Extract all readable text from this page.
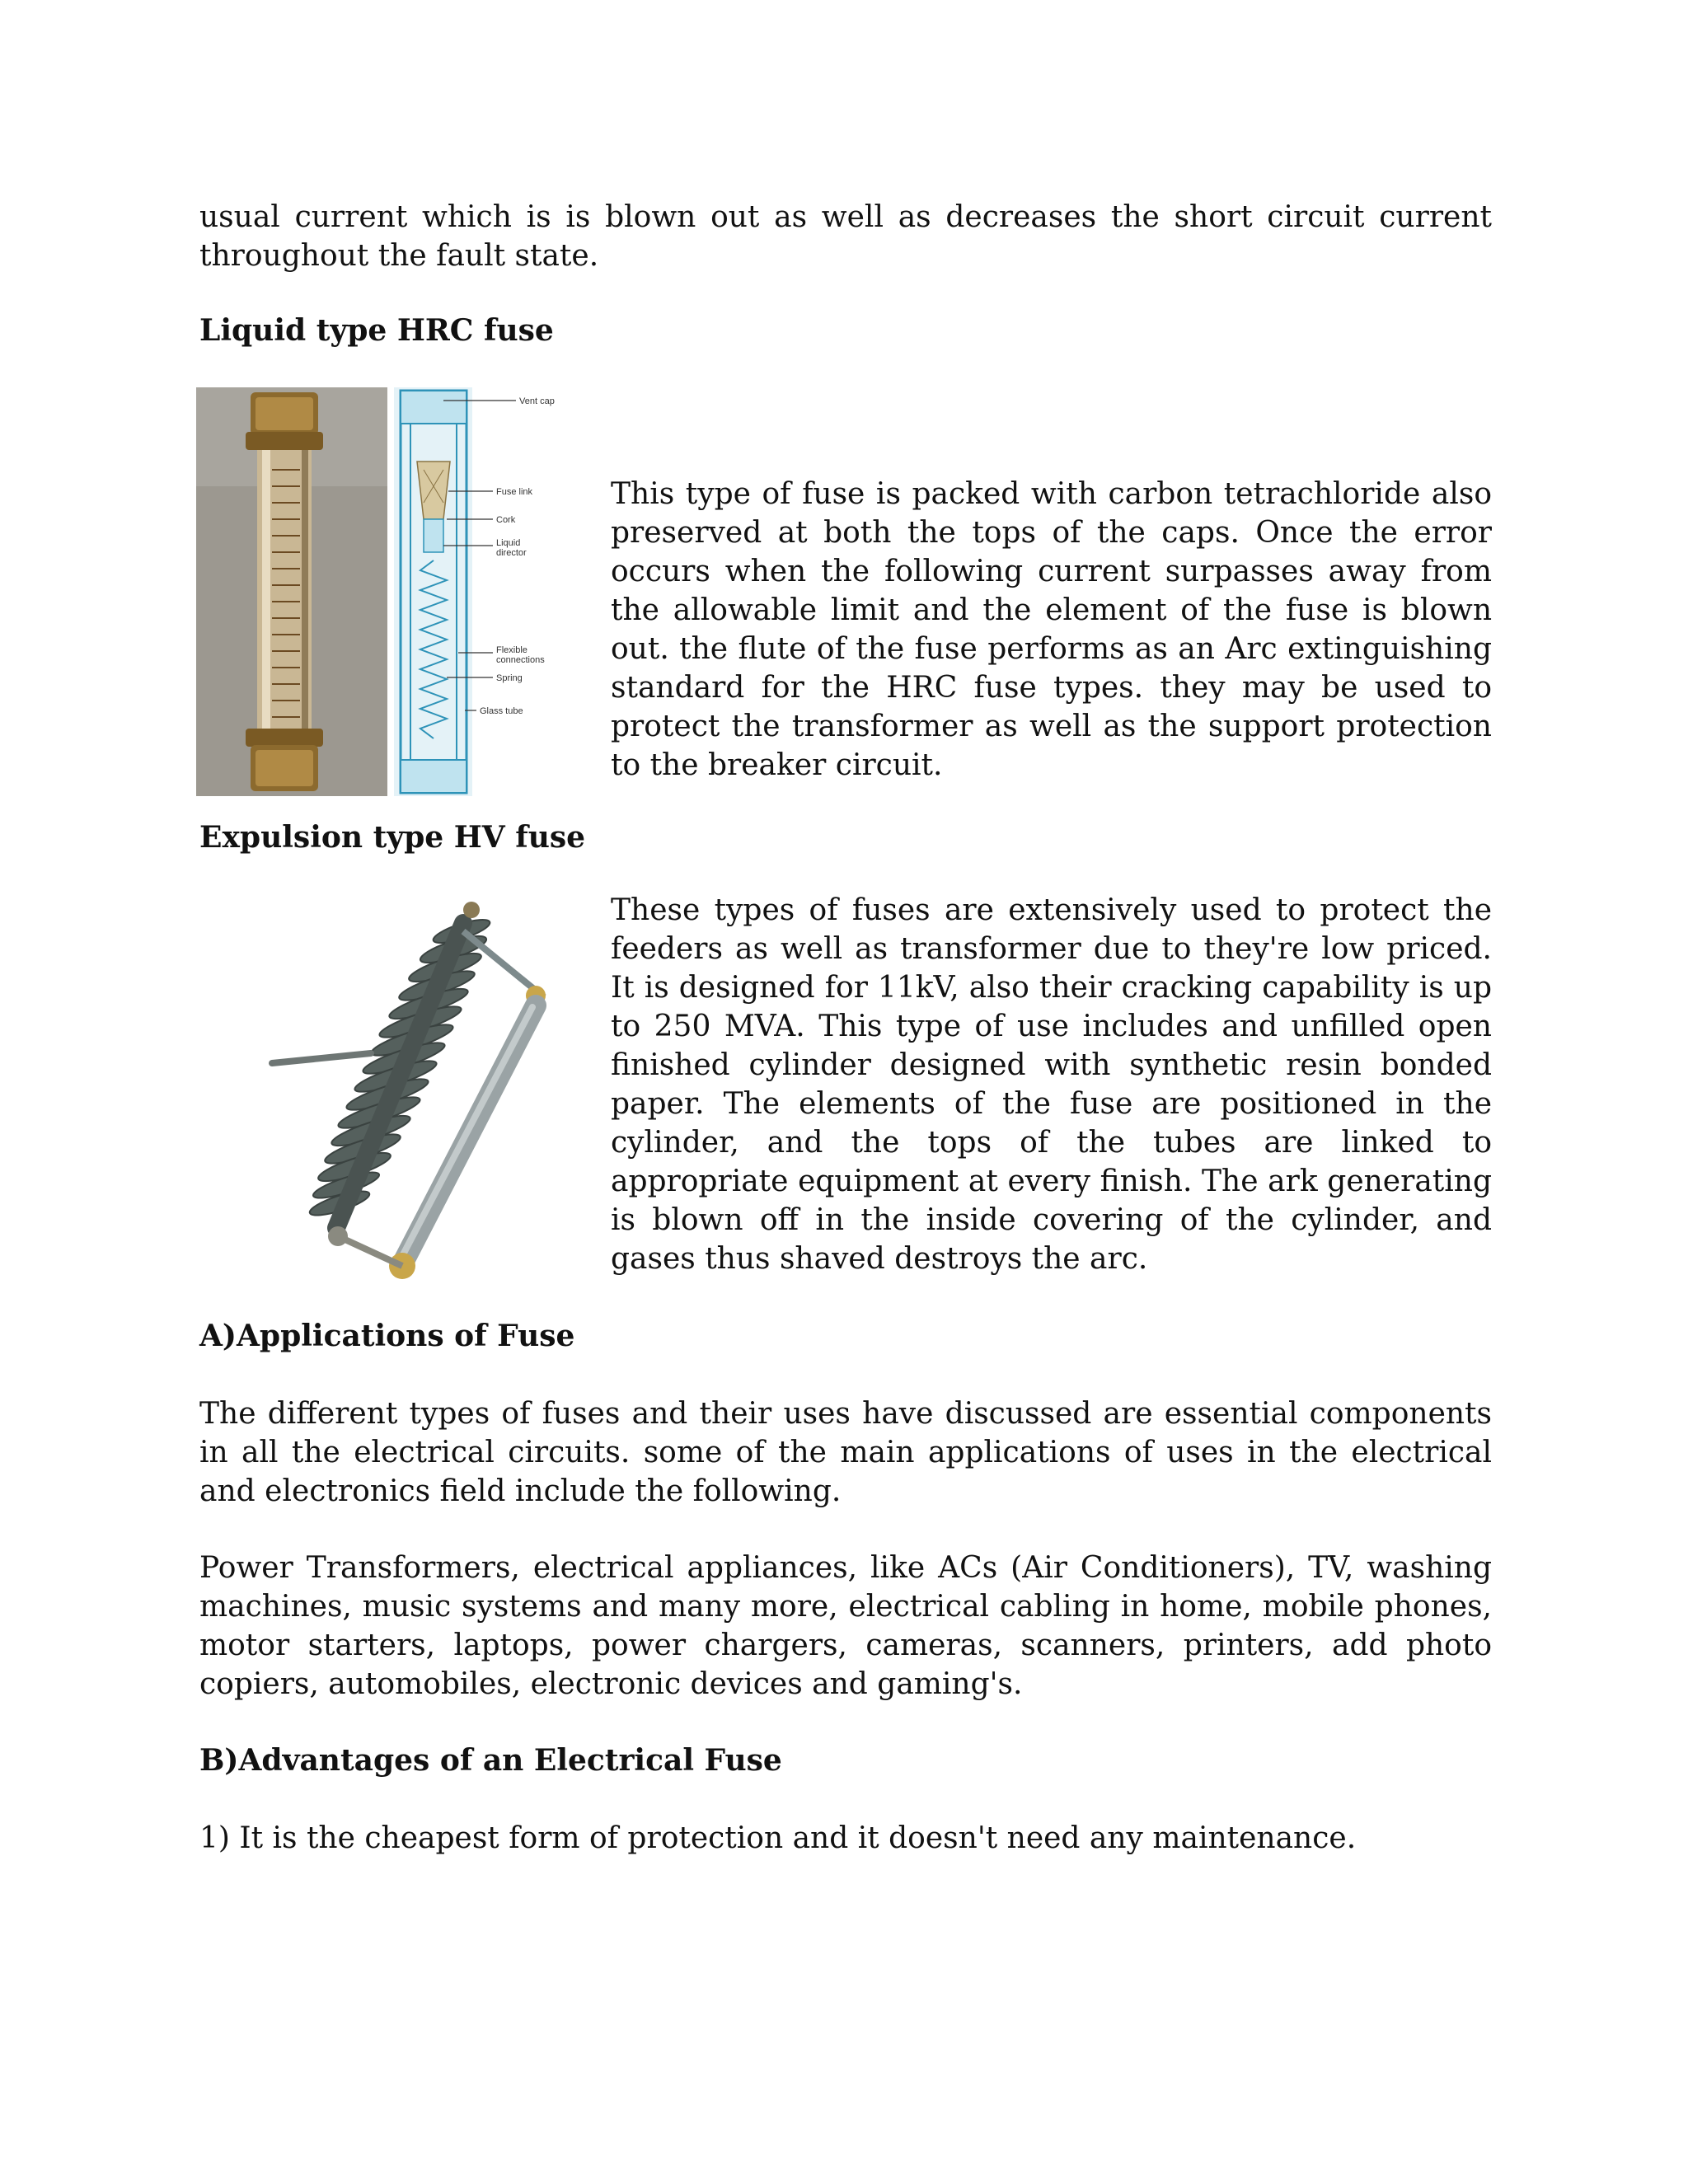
usual current which is is blown out as well as decreases the short circuit current throughout the fault state.

Liquid type HRC fuse
Vent cap
Fuse link
Cork
Liquid
director
Flexible
connections
Spring
Glass tube

This type of fuse is packed with carbon tetrachloride also preserved at both the tops of the caps. Once the error occurs when the following current surpasses away from the allowable limit and the element of the fuse is blown out. the flute of the fuse performs as an Arc extinguishing standard for the HRC fuse types. they may be used to protect the transformer as well as the support protection to the breaker circuit.

Expulsion type HV fuse

These types of fuses are extensively used to protect the feeders as well as transformer due to they're low priced. It is designed for 11kV, also their cracking capability is up to 250 MVA. This type of use includes and unfilled open finished cylinder designed with synthetic resin bonded paper. The elements of the fuse are positioned in the cylinder, and the tops of the tubes are linked to appropriate equipment at every finish. The ark generating is blown off in the inside covering of the cylinder, and gases thus shaved destroys the arc.

A)Applications of Fuse

The different types of fuses and their uses have discussed are essential components in all the electrical circuits. some of the main applications of uses in the electrical and electronics field include the following.

Power Transformers, electrical appliances, like ACs (Air Conditioners), TV, washing machines, music systems and many more, electrical cabling in home, mobile phones, motor starters, laptops, power chargers, cameras, scanners, printers, add photo copiers, automobiles, electronic devices and gaming's.

B)Advantages of an Electrical Fuse

1) It is the cheapest form of protection and it doesn't need any maintenance.
